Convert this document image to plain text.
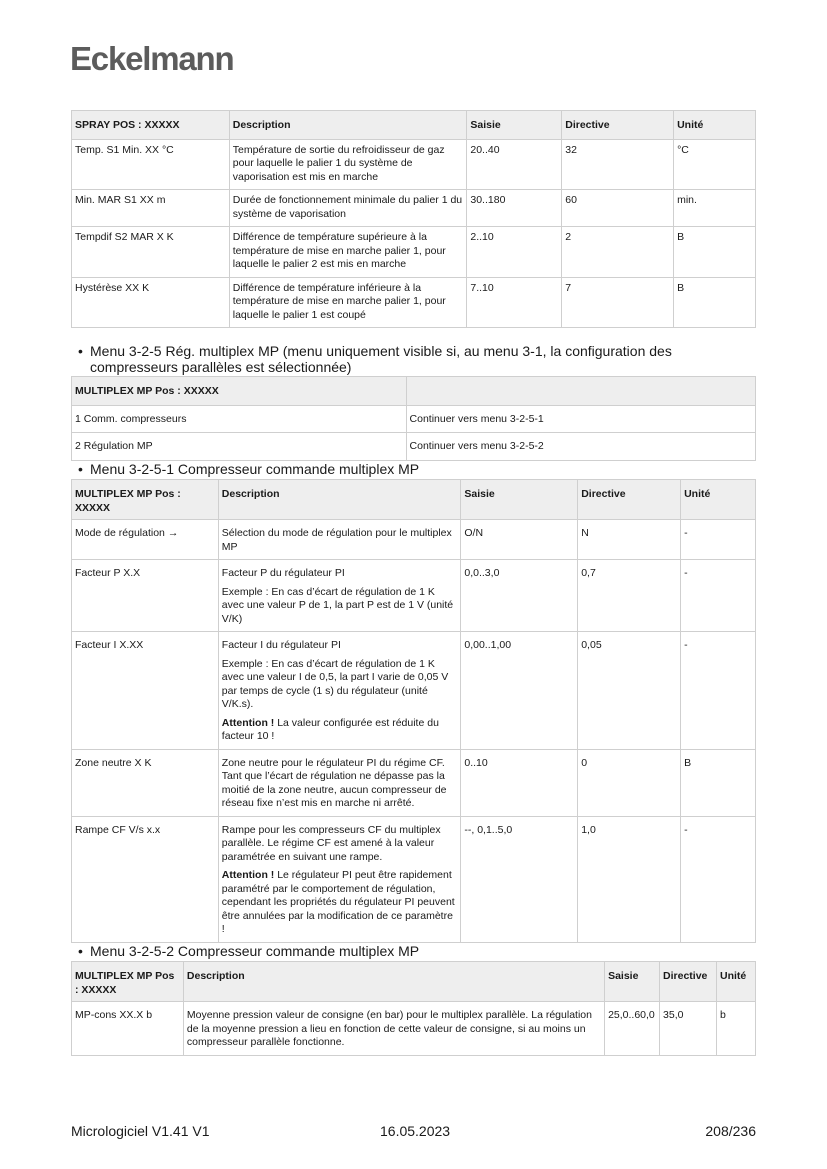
Eckelmann
SPRAY POS : XXXXX	Description	Saisie	Directive	Unité
Temp. S1 Min. XX °C	Température de sortie du refroidisseur de gaz pour laquelle le palier 1 du système de vaporisation est mis en marche	20..40	32	°C
Min. MAR S1 XX m	Durée de fonctionnement minimale du palier 1 du système de vaporisation	30..180	60	min.
Tempdif S2 MAR X K	Différence de température supérieure à la température de mise en marche palier 1, pour laquelle le palier 2 est mis en marche	2..10	2	B
Hystérèse XX K	Différence de température inférieure à la température de mise en marche palier 1, pour laquelle le palier 1 est coupé	7..10	7	B
• Menu 3-2-5 Rég. multiplex MP (menu uniquement visible si, au menu 3-1, la configuration des
compresseurs parallèles est sélectionnée)
MULTIPLEX MP Pos : XXXXX	
1 Comm. compresseurs	Continuer vers menu 3-2-5-1
2 Régulation MP	Continuer vers menu 3-2-5-2
• Menu 3-2-5-1 Compresseur commande multiplex MP
MULTIPLEX MP Pos : XXXXX	Description	Saisie	Directive	Unité
Mode de régulation →	Sélection du mode de régulation pour le multiplex MP	O/N	N	-
Facteur P X.X	Facteur P du régulateur PI

Exemple : En cas d’écart de régulation de 1 K avec une valeur P de 1, la part P est de 1 V (unité V/K)	0,0..3,0	0,7	-
Facteur I X.XX	Facteur I du régulateur PI

Exemple : En cas d’écart de régulation de 1 K avec une valeur I de 0,5, la part I varie de 0,05 V par temps de cycle (1 s) du régulateur (unité V/K.s).

Attention ! La valeur configurée est réduite du facteur 10 !	0,00..1,00	0,05	-
Zone neutre X K	Zone neutre pour le régulateur PI du régime CF. Tant que l’écart de régulation ne dépasse pas la moitié de la zone neutre, aucun compresseur de réseau fixe n’est mis en marche ni arrêté.	0..10	0	B
Rampe CF V/s x.x	Rampe pour les compresseurs CF du multiplex parallèle. Le régime CF est amené à la valeur paramétrée en suivant une rampe.

Attention ! Le régulateur PI peut être rapidement paramétré par le comportement de régulation, cependant les propriétés du régulateur PI peuvent être annulées par la modification de ce paramètre !	--, 0,1..5,0	1,0	-
• Menu 3-2-5-2 Compresseur commande multiplex MP
MULTIPLEX MP Pos : XXXXX	Description	Saisie	Directive	Unité
MP-cons XX.X b	Moyenne pression valeur de consigne (en bar) pour le multiplex parallèle. La régulation de la moyenne pression a lieu en fonction de cette valeur de consigne, si au moins un compresseur parallèle fonctionne.	25,0..60,0	35,0	b
Micrologiciel V1.41 V1	16.05.2023	208/236
